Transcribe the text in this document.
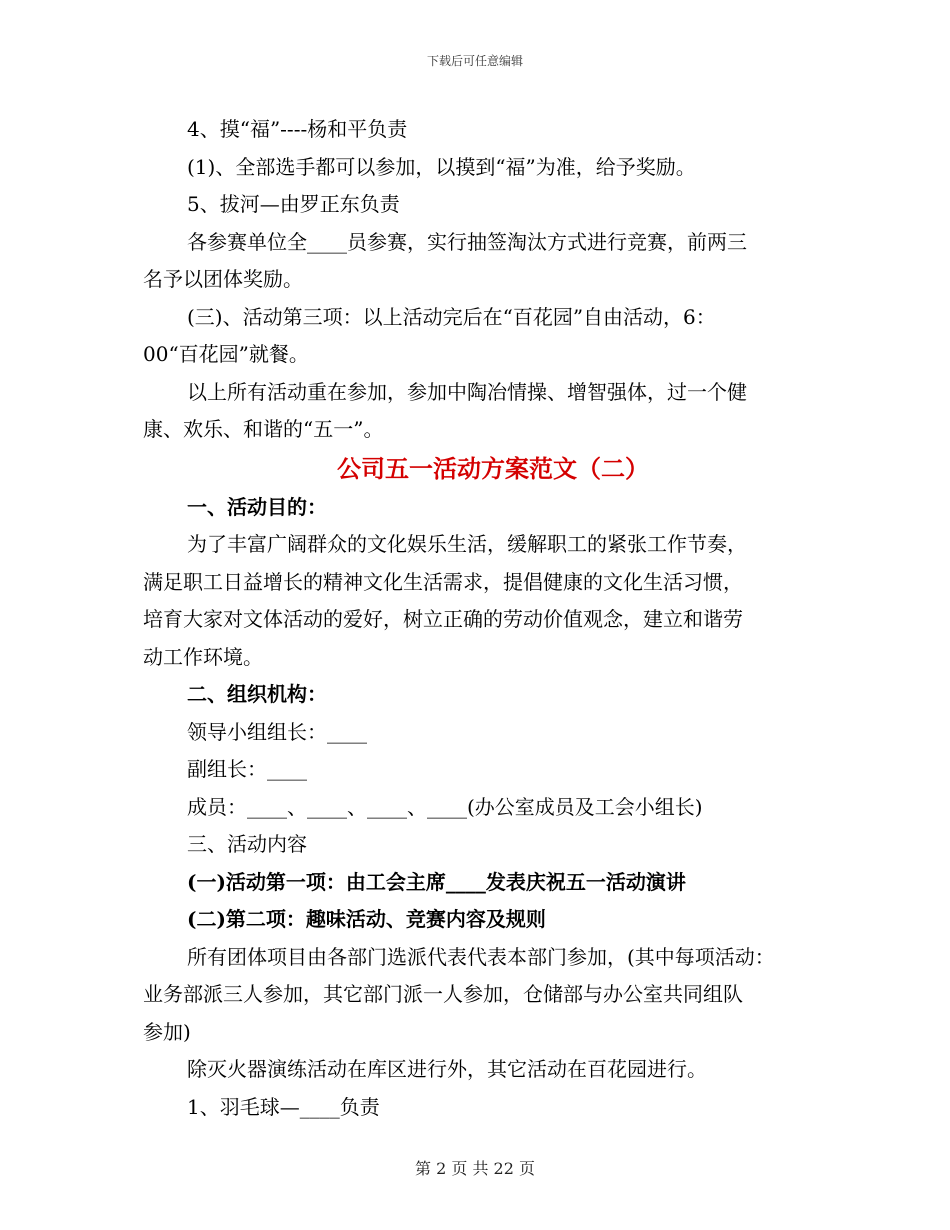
下载后可任意编辑

4、摸“福”----杨和平负责

(1)、全部选手都可以参加，以摸到“福”为准，给予奖励。

5、拔河—由罗正东负责

各参赛单位全____员参赛，实行抽签淘汰方式进行竞赛，前两三

名予以团体奖励。

(三)、活动第三项：以上活动完后在“百花园”自由活动，6：

00“百花园”就餐。

以上所有活动重在参加，参加中陶冶情操、增智强体，过一个健

康、欢乐、和谐的“五一”。

公司五一活动方案范文（二）

一、活动目的：

为了丰富广阔群众的文化娱乐生活，缓解职工的紧张工作节奏，

满足职工日益增长的精神文化生活需求，提倡健康的文化生活习惯，

培育大家对文体活动的爱好，树立正确的劳动价值观念，建立和谐劳

动工作环境。

二、组织机构：

领导小组组长：____

副组长：____

成员：____、____、____、____(办公室成员及工会小组长)

三、活动内容

(一)活动第一项：由工会主席____发表庆祝五一活动演讲

(二)第二项：趣味活动、竞赛内容及规则

所有团体项目由各部门选派代表代表本部门参加，(其中每项活动：

业务部派三人参加，其它部门派一人参加，仓储部与办公室共同组队

参加)

除灭火器演练活动在库区进行外，其它活动在百花园进行。

1、羽毛球—____负责

第 2 页 共 22 页
